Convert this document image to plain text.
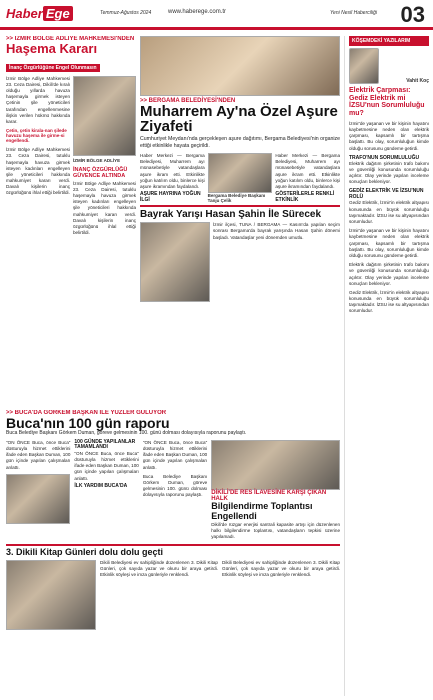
Haber Ege	Temmuz-Ağustos 2024	www.haberege.com.tr	Yeni Nesil Haberciliği 03
>> İZMİR BÖLGE ADLİYE MAHKEMESİ'NDEN
Haşema Kararı
İnanç Özgürlüğüne Engel Olunmasın
İzmir Bölge Adliye Mahkemesi 23. Ceza Dairesi, Dikili'de kıralı olduğu yıllarda havuza haşemayla girmek isteyen Çetinin şile yöneticileri tarafından engellenmesine ilişkin verilen hükmü hakkında karar.
Çetin, çetin kirala-nan şilede havuzu haşema ile girme-si engellendi.
İzmir Bölge Adliye Mahkemesi 23. Ceza Dairesi, tutuklu haşemayla havuza girmek isteyen kadınları engelleyen şile yöneticileri hakkında mahkumiyet kararı verdi. Davalı kişilerin inanç özgürlüğünü ihlal ettiği belirtildi.
İZMİR BÖLGE ADLİYE
İNANÇ ÖZGÜRLÜĞÜ GÜVENCE ALTINDA
İzmir Bölge Adliye Mahkemesi 23. Ceza Dairesi, tutuklu haşemayla havuza girmek isteyen kadınları engelleyen şile yöneticileri hakkında mahkumiyet kararı verdi. Davalı kişilerin inanç özgürlüğünü ihlal ettiği belirtildi.
>> BERGAMA BELEDİYESİ'NDEN
Muharrem Ay'na Özel Aşure Ziyafeti
Cumhuriyet Meydanı'nda gerçekleşen aşure dağıtımı, Bergama Belediyesi'nin organize ettiği etkinlikle hayata geçirildi.
Haber Merkezi — Bergama Belediyesi, Muharrem ayı münasebetiyle vatandaşlara aşure ikram etti. Etkinlikte yoğun katılım oldu, binlerce kişi aşure ikramından faydalandı.
AŞURE HAYRINA YOĞUN İLGİ
Bergama Belediye Başkanı Tanju Çelik
Haber Merkezi — Bergama Belediyesi, Muharrem ayı münasebetiyle vatandaşlara aşure ikram etti. Etkinlikte yoğun katılım oldu, binlerce kişi aşure ikramından faydalandı.
GÖSTERİLERLE RENKLİ ETKİNLİK
Bayrak Yarışı Hasan Şahin İle Sürecek
İzmir ilçesi, TUNA / BERGAMA — Kasım'da yapılan seçim sonrası Bergama'da bayrak yarışında Hasan Şahin dönemi başladı. Vatandaşlar yeni dönemden umutlu.
KÖŞEMDEKİ YAZILARIM
Vahit Koç
Elektrik Çarpması: Gediz Elektrik mi İZSU'nun Sorumluluğu mu?
İzmir'de yaşanan ve bir kişinin hayatını kaybetmesine neden olan elektrik çarpması, kapsamlı bir tartışma başlattı. Bu olay, sorumluluğun kimde olduğu sorusunu gündeme getirdi.
TRAFO'NUN SORUMLULUĞU
Elektrik dağıtım şirketinin trafo bakımı ve güvenliği konusunda sorumluluğu açıktır. Olay yerinde yapılan inceleme sonuçları bekleniyor.
GEDİZ ELEKTRİK VE İZSU'NUN ROLÜ
Gediz Elektrik, İzmir'in elektrik altyapısı konusunda en büyük sorumluluğu taşımaktadır. İZSU ise su altyapısından sorumludur.
İzmir'de yaşanan ve bir kişinin hayatını kaybetmesine neden olan elektrik çarpması, kapsamlı bir tartışma başlattı. Bu olay, sorumluluğun kimde olduğu sorusunu gündeme getirdi.
Elektrik dağıtım şirketinin trafo bakımı ve güvenliği konusunda sorumluluğu açıktır. Olay yerinde yapılan inceleme sonuçları bekleniyor.
Gediz Elektrik, İzmir'in elektrik altyapısı konusunda en büyük sorumluluğu taşımaktadır. İZSU ise su altyapısından sorumludur.
>> BUCA'DA GÖRKEM BAŞKAN İLE YÜZLER GÜLÜYOR
Buca'nın 100 gün raporu
Buca Belediye Başkanı Görkem Duman, göreve gelmesinin 100. günü dolması dolayısıyla raporunu paylaştı.
"ON ÖNCE Buca, önce Buca" düsturuyla hizmet ettiklerini ifade eden Başkan Duman, 100 gün içinde yapılan çalışmaları anlattı.
100 GÜNDE YAPILANLAR TAMAMLANDI
"ON ÖNCE Buca, önce Buca" düsturuyla hizmet ettiklerini ifade eden Başkan Duman, 100 gün içinde yapılan çalışmaları anlattı.
İLK YARDIM BUCA'DA
"ON ÖNCE Buca, önce Buca" düsturuyla hizmet ettiklerini ifade eden Başkan Duman, 100 gün içinde yapılan çalışmaları anlattı.
Buca Belediye Başkanı Görkem Duman, göreve gelmesinin 100. günü dolması dolayısıyla raporunu paylaştı.	DİKİLİ'DE RES İLAVESİNE KARŞI ÇIKAN HALK
Bilgilendirme Toplantısı Engellendi
Dikili'de rüzgar enerjisi santrali kapasite artışı için düzenlenen halkı bilgilendirme toplantısı, vatandaşların tepkisi üzerine yapılamadı.
3. Dikili Kitap Günleri dolu dolu geçti
Dikili Belediyesi ev sahipliğinde düzenlenen 3. Dikili Kitap Günleri, çok sayıda yazar ve okuru bir araya getirdi. Etkinlik söyleşi ve imza günleriyle renklendi.
Dikili Belediyesi ev sahipliğinde düzenlenen 3. Dikili Kitap Günleri, çok sayıda yazar ve okuru bir araya getirdi. Etkinlik söyleşi ve imza günleriyle renklendi.
